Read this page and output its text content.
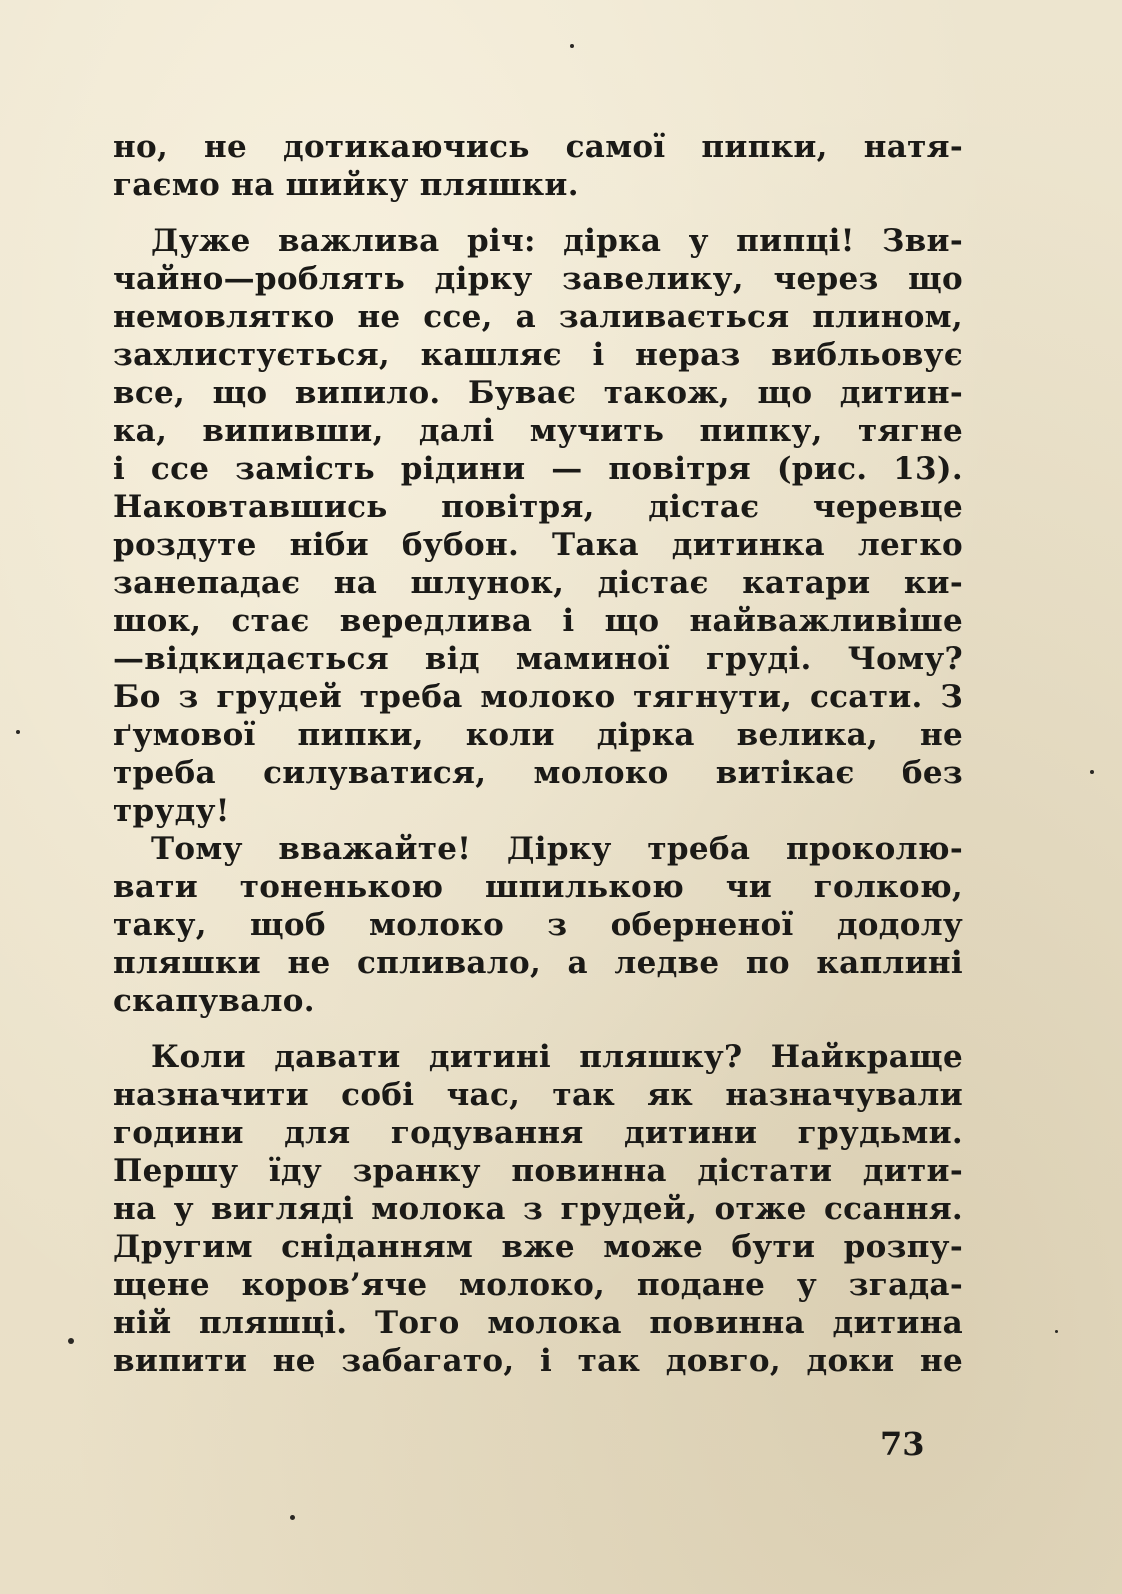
но, не дотикаючись самої пипки, натя-
гаємо на шийку пляшки.
Дуже важлива річ: дірка у пипці! Зви-
чайно—роблять дірку завелику, через що
немовлятко не ссе, а заливається плином,
захлистується, кашляє і нераз вибльовує
все, що випило. Буває також, що дитин-
ка, випивши, далі мучить пипку, тягне
і ссе замість рідини — повітря (рис. 13).
Наковтавшись повітря, дістає черевце
роздуте ніби бубон. Така дитинка легко
занепадає на шлунок, дістає катари ки-
шок, стає вередлива і що найважливіше
—відкидається від маминої груді. Чому?
Бо з грудей треба молоко тягнути, ссати. З
ґумової пипки, коли дірка велика, не
треба силуватися, молоко витікає без
труду!
Тому вважайте! Дірку треба проколю-
вати тоненькою шпилькою чи голкою,
таку, щоб молоко з оберненої додолу
пляшки не спливало, а ледве по каплині
скапувало.
Коли давати дитині пляшку? Найкраще
назначити собі час, так як назначували
години для годування дитини грудьми.
Першу їду зранку повинна дістати дити-
на у вигляді молока з грудей, отже ссання.
Другим сніданням вже може бути розпу-
щене коров’яче молоко, подане у згада-
ній пляшці. Того молока повинна дитина
випити не забагато, і так довго, доки не
73
